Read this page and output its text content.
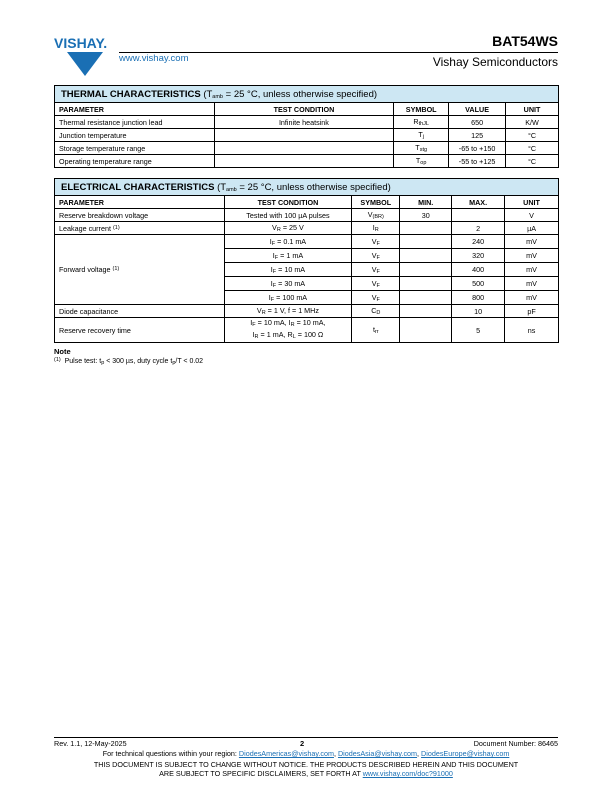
VISHAY.
www.vishay.com
BAT54WS
Vishay Semiconductors
THERMAL CHARACTERISTICS ($T_{amb} = 25$ °C, unless otherwise specified)				
PARAMETER	TEST CONDITION	SYMBOL	VALUE	UNIT
Thermal resistance junction lead	Infinite heatsink	$R_{thJL}$	650	K/W
Junction temperature		$T_j$	125	°C
Storage temperature range		$T_{stg}$	-65 to +150	°C
Operating temperature range		$T_{op}$	-55 to +125	°C
ELECTRICAL CHARACTERISTICS ($T_{amb} = 25$ °C, unless otherwise specified)					
PARAMETER	TEST CONDITION	SYMBOL	MIN.	MAX.	UNIT
Reserve breakdown voltage	Tested with 100 µA pulses	$V_{(BR)}$	30		V
Leakage current $^{(1)}$	$V_R = 25$ V	$I_R$		2	µA
Forward voltage $^{(1)}$	$I_F = 0.1$ mA	$V_F$		240	mV
	$I_F = 1$ mA	$V_F$		320	mV
	$I_F = 10$ mA	$V_F$		400	mV
	$I_F = 30$ mA	$V_F$		500	mV
	$I_F = 100$ mA	$V_F$		800	mV
Diode capacitance	$V_R = 1$ V, f = 1 MHz	$C_D$		10	pF
Reserve recovery time	$I_F = 10$ mA, $I_R = 10$ mA,
$I_R = 1$ mA, $R_L = 100$ Ω	$t_{rr}$		5	ns
Note
$^{(1)}$ Pulse test: $t_p < 300$ µs, duty cycle $t_p/T < 0.02$
Rev. 1.1, 12-May-2025	2	Document Number: 86465
For technical questions within your region: DiodesAmericas@vishay.com, DiodesAsia@vishay.com, DiodesEurope@vishay.com
THIS DOCUMENT IS SUBJECT TO CHANGE WITHOUT NOTICE. THE PRODUCTS DESCRIBED HEREIN AND THIS DOCUMENT
ARE SUBJECT TO SPECIFIC DISCLAIMERS, SET FORTH AT www.vishay.com/doc?91000
